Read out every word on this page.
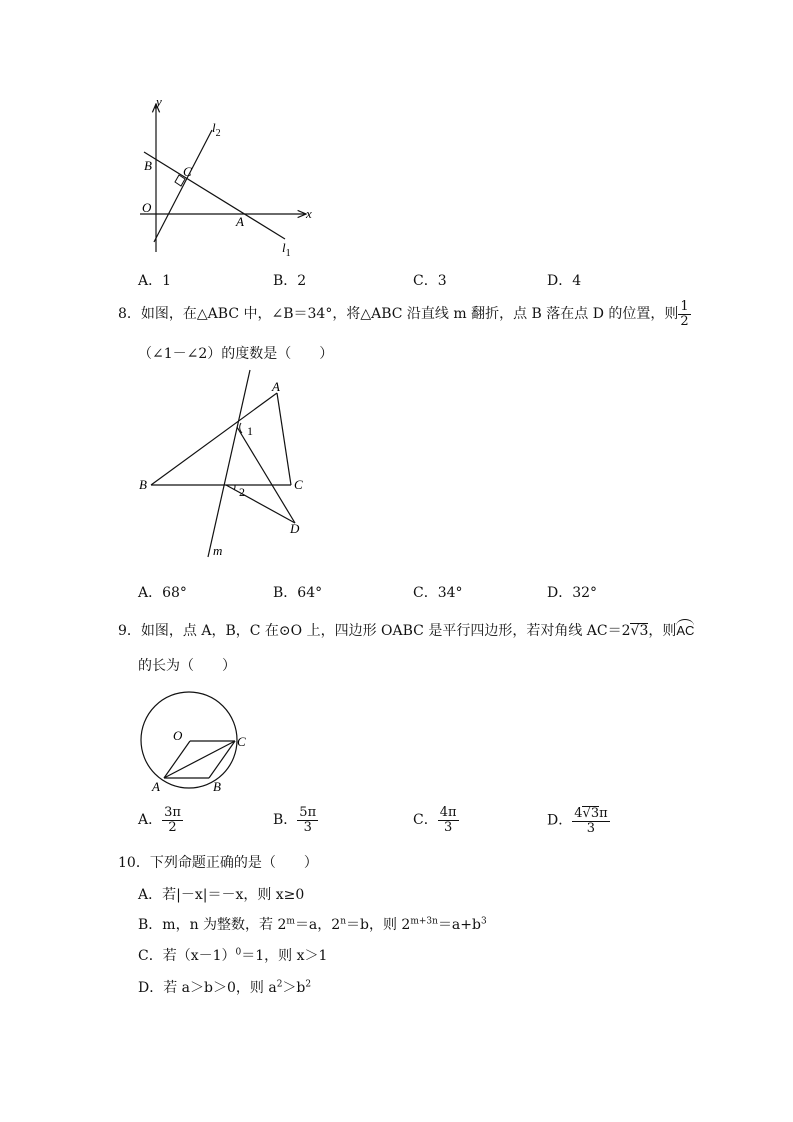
y
x
O
B C
A
$l_2$
$l_1$
A．1	B．2	C．3	D．4
8．如图，在△ABC 中，∠B＝34°，将△ABC 沿直线 m 翻折，点 B 落在点 D 的位置，则 $\frac{1}{2}$
（∠1－∠2）的度数是（　　）
A
B	C
D
m
1
2
A．68°	B．64°	C．34°	D．32°
9．如图，点 A，B，C 在⊙O 上，四边形 OABC 是平行四边形，若对角线 AC＝2√3，则AC
的长为（　　）
O	C
A	B
A． $\frac{3\pi}{2}$	B． $\frac{5\pi}{3}$	C． $\frac{4\pi}{3}$	D． $\frac{4√3\pi}{3}$
10．下列命题正确的是（　　）
A．若|－x|＝－x，则 x≥0
B．m，n 为整数，若 $2^m=a$，$2^n=b$，则 $2^{m+3n}=a+b^3$
C．若$(x-1)^0=1$，则 x＞1
D．若 a＞b＞0，则 $a^2>b^2$
